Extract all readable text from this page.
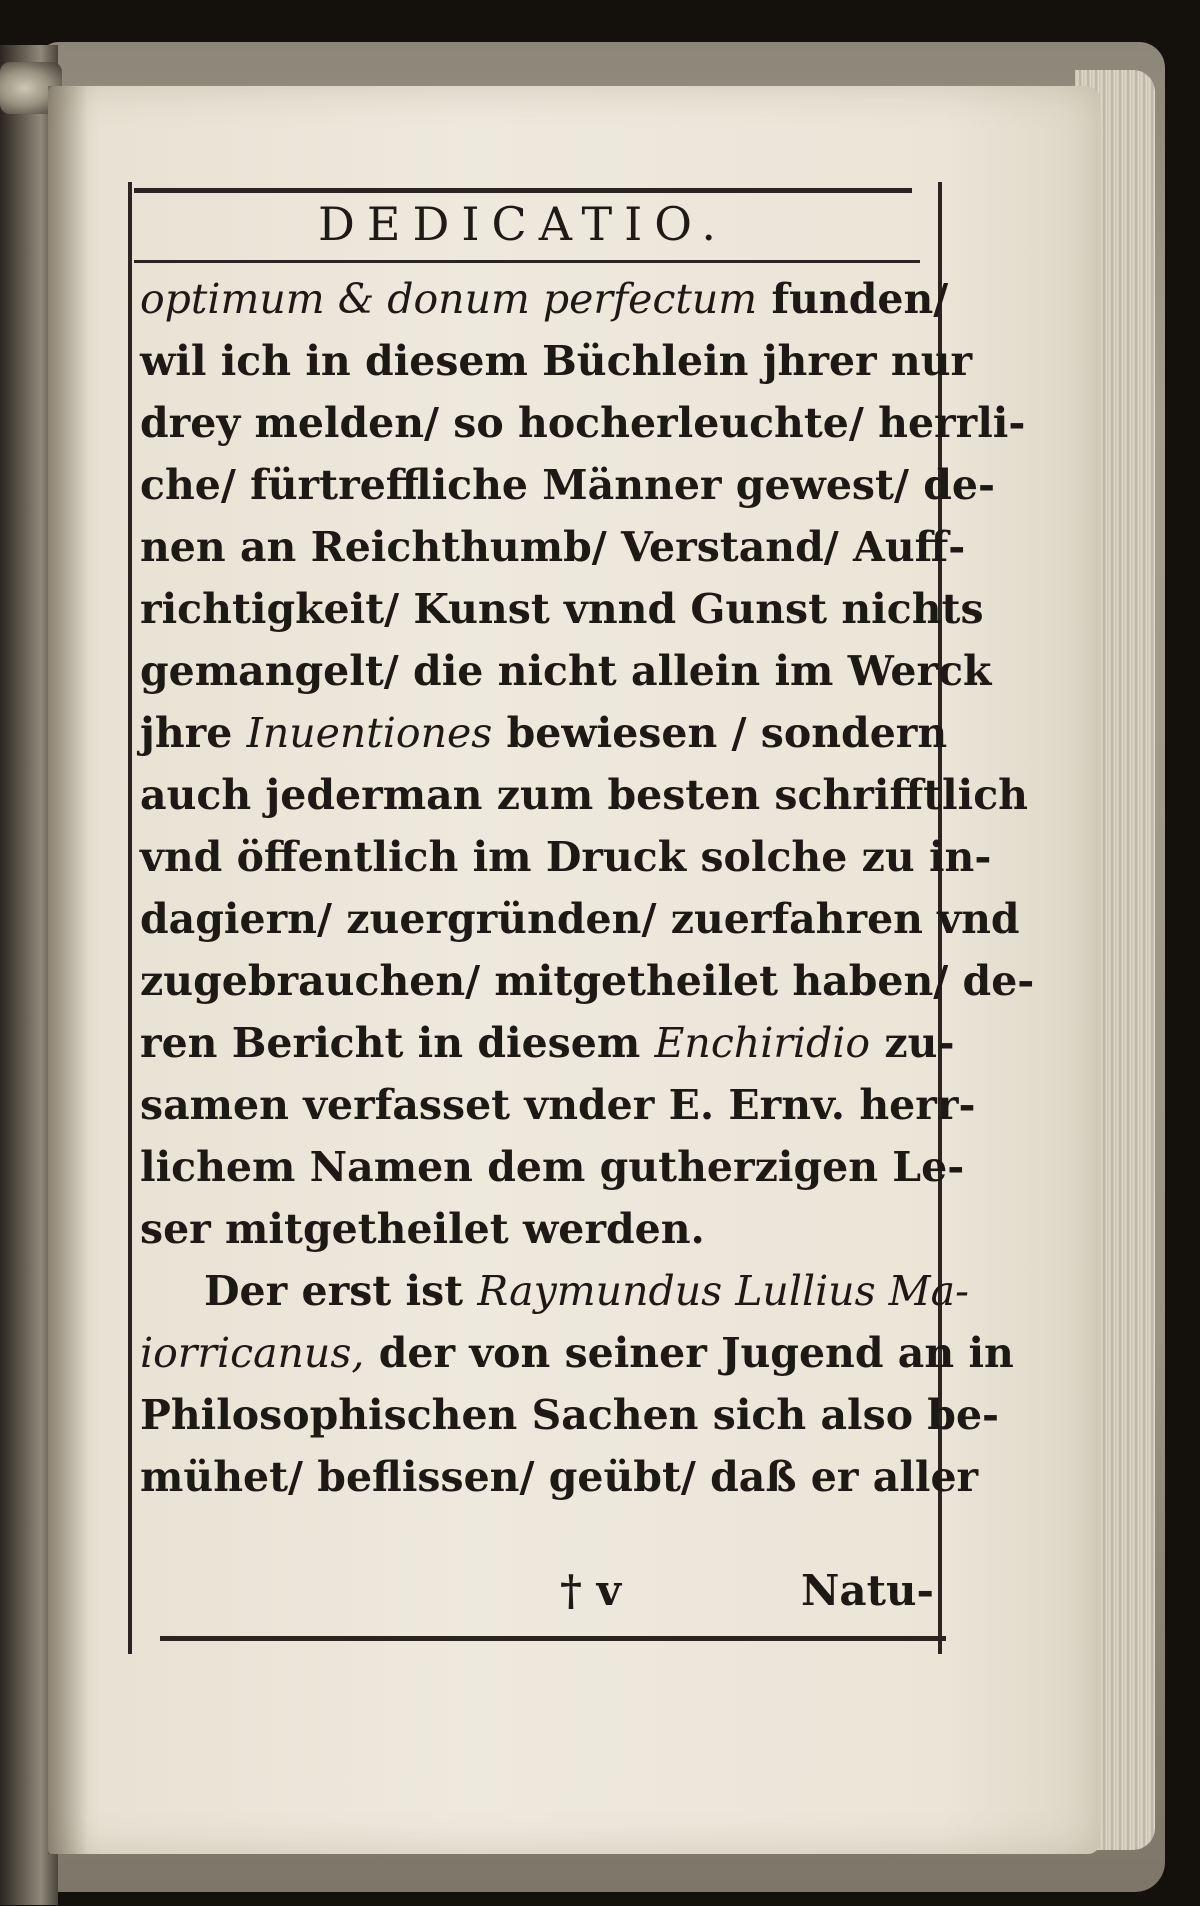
DEDICATIO.
optimum & donum perfectum funden/
wil ich in diesem Büchlein jhrer nur
drey melden/ so hocherleuchte/ herrli-
che/ fürtreffliche Männer gewest/ de-
nen an Reichthumb/ Verstand/ Auff-
richtigkeit/ Kunst vnnd Gunst nichts
gemangelt/ die nicht allein im Werck
jhre Inuentiones bewiesen / sondern
auch jederman zum besten schrifftlich
vnd öffentlich im Druck solche zu in-
dagiern/ zuergründen/ zuerfahren vnd
zugebrauchen/ mitgetheilet haben/ de-
ren Bericht in diesem Enchiridio zu-
samen verfasset vnder E. Ernv. herr-
lichem Namen dem gutherzigen Le-
ser mitgetheilet werden.
Der erst ist Raymundus Lullius Ma-
iorricanus, der von seiner Jugend an in
Philosophischen Sachen sich also be-
mühet/ beflissen/ geübt/ daß er aller
† v	Natu-
